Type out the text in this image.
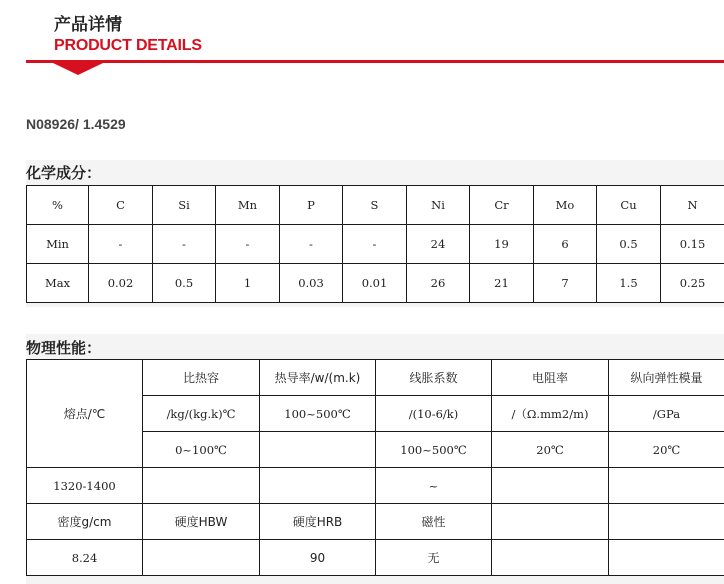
产品详情
PRODUCT DETAILS
N08926/ 1.4529
化学成分：
%	C	Si	Mn	P	S	Ni	Cr	Mo	Cu	N
Min	-	-	-	-	-	24	19	6	0.5	0.15
Max	0.02	0.5	1	0.03	0.01	26	21	7	1.5	0.25
物理性能：
熔点/℃	比热容	热导率/w/(m.k)	线胀系数	电阻率	纵向弹性模量
	/kg/(kg.k)℃	100~500℃	/(10-6/k)	/（Ω.mm2/m)	/GPa
	0~100℃		100~500℃	20℃	20℃
1320-1400			~		
密度g/cm	硬度HBW	硬度HRB	磁性		
8.24		90	无		
